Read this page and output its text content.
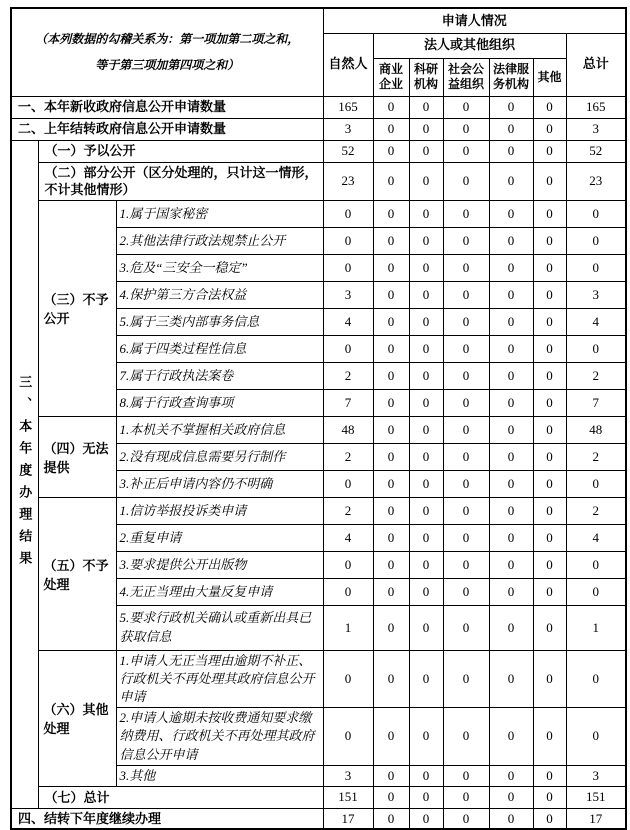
（本列数据的勾稽关系为：第一项加第二项之和，
等于第三项加第四项之和）			申请人情况						
			自然人	法人或其他组织					总计
				商业企业	科研机构	社会公益组织	法律服务机构	其他	
一、本年新收政府信息公开申请数量			165	0	0	0	0	0	165
二、上年结转政府信息公开申请数量			3	0	0	0	0	0	3

三、本年度办理结果	（一）予以公开		52	0	0	0	0	0	52
	（二）部分公开（区分处理的，只计这一情形，不计其他情形）		23	0	0	0	0	0	23
	（三）不予公开	1.属于国家秘密	0	0	0	0	0	0	0
		2.其他法律行政法规禁止公开	0	0	0	0	0	0	0
		3.危及“三安全一稳定”	0	0	0	0	0	0	0
		4.保护第三方合法权益	3	0	0	0	0	0	3
		5.属于三类内部事务信息	4	0	0	0	0	0	4
		6.属于四类过程性信息	0	0	0	0	0	0	0
		7.属于行政执法案卷	2	0	0	0	0	0	2
		8.属于行政查询事项	7	0	0	0	0	0	7
	（四）无法提供	1.本机关不掌握相关政府信息	48	0	0	0	0	0	48
		2.没有现成信息需要另行制作	2	0	0	0	0	0	2
		3.补正后申请内容仍不明确	0	0	0	0	0	0	0
	（五）不予处理	1.信访举报投诉类申请	2	0	0	0	0	0	2
		2.重复申请	4	0	0	0	0	0	4
		3.要求提供公开出版物	0	0	0	0	0	0	0
		4.无正当理由大量反复申请	0	0	0	0	0	0	0
		5.要求行政机关确认或重新出具已获取信息	1	0	0	0	0	0	1
	（六）其他处理	1.申请人无正当理由逾期不补正、行政机关不再处理其政府信息公开申请	0	0	0	0	0	0	0
		2.申请人逾期未按收费通知要求缴纳费用、行政机关不再处理其政府信息公开申请	0	0	0	0	0	0	0
		3.其他	3	0	0	0	0	0	3
	（七）总计		151	0	0	0	0	0	151
四、结转下年度继续办理			17	0	0	0	0	0	17
